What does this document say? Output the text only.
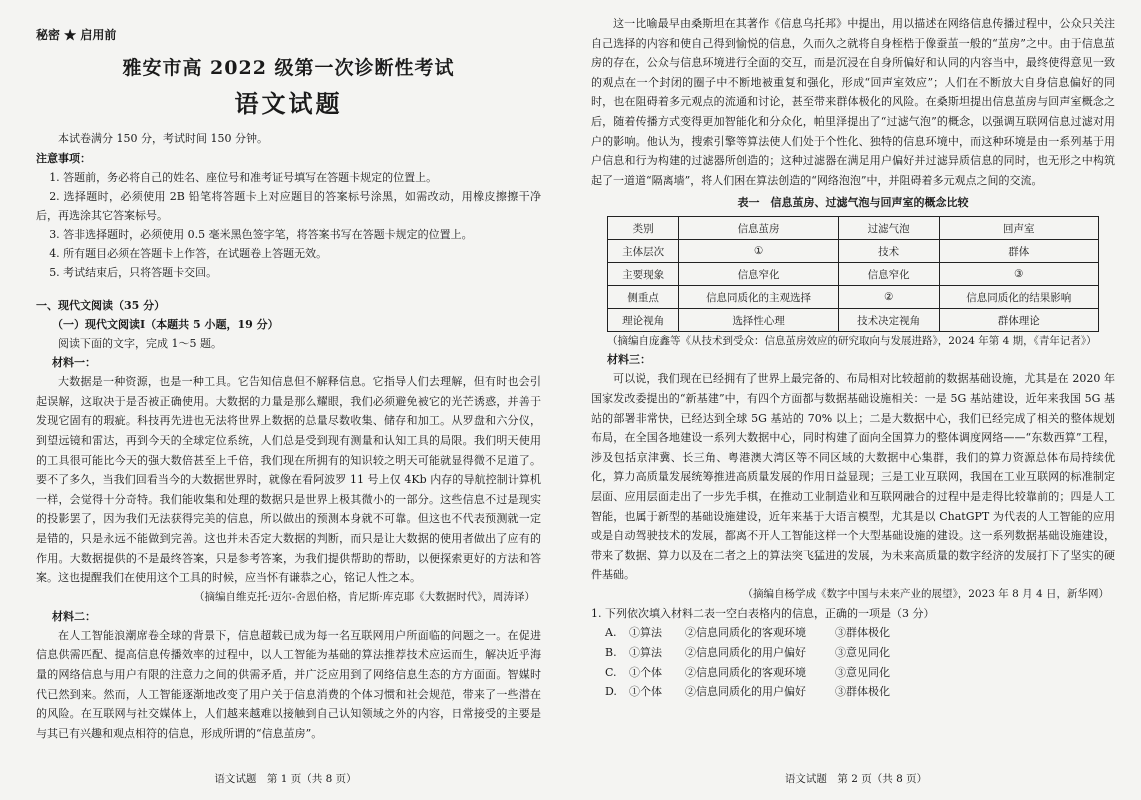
秘密 ★ 启用前
雅安市高 2022 级第一次诊断性考试
语文试题

本试卷满分 150 分，考试时间 150 分钟。

注意事项：

1. 答题前，务必将自己的姓名、座位号和准考证号填写在答题卡规定的位置上。

2. 选择题时，必须使用 2B 铅笔将答题卡上对应题目的答案标号涂黑，如需改动，用橡皮擦擦干净后，再选涂其它答案标号。

3. 答非选择题时，必须使用 0.5 毫米黑色签字笔，将答案书写在答题卡规定的位置上。

4. 所有题目必须在答题卡上作答，在试题卷上答题无效。

5. 考试结束后，只将答题卡交回。

一、现代文阅读（35 分）

（一）现代文阅读Ⅰ（本题共 5 小题，19 分）

阅读下面的文字，完成 1～5 题。

材料一：

大数据是一种资源，也是一种工具。它告知信息但不解释信息。它指导人们去理解，但有时也会引起误解，这取决于是否被正确使用。大数据的力量是那么耀眼，我们必须避免被它的光芒诱惑，并善于发现它固有的瑕疵。科技再先进也无法将世界上数据的总量尽数收集、储存和加工。从罗盘和六分仪，到望远镜和雷达，再到今天的全球定位系统，人们总是受到现有测量和认知工具的局限。我们明天使用的工具很可能比今天的强大数倍甚至上千倍，我们现在所拥有的知识较之明天可能就显得微不足道了。要不了多久，当我们回看当今的大数据世界时，就像在看阿波罗 11 号上仅 4Kb 内存的导航控制计算机一样，会觉得十分奇特。我们能收集和处理的数据只是世界上极其微小的一部分。这些信息不过是现实的投影罢了，因为我们无法获得完美的信息，所以做出的预测本身就不可靠。但这也不代表预测就一定是错的，只是永远不能做到完善。这也并未否定大数据的判断，而只是让大数据的使用者做出了应有的作用。大数据提供的不是最终答案，只是参考答案，为我们提供帮助的帮助，以便探索更好的方法和答案。这也提醒我们在使用这个工具的时候，应当怀有谦恭之心，铭记人性之本。

（摘编自维克托·迈尔-舍恩伯格，肯尼斯·库克耶《大数据时代》，周涛译）

材料二：

在人工智能浪潮席卷全球的背景下，信息超载已成为每一名互联网用户所面临的问题之一。在促进信息供需匹配、提高信息传播效率的过程中，以人工智能为基础的算法推荐技术应运而生，解决近乎海量的网络信息与用户有限的注意力之间的供需矛盾，并广泛应用到了网络信息生态的方方面面。智媒时代已然到来。然而，人工智能逐渐地改变了用户关于信息消费的个体习惯和社会规范，带来了一些潜在的风险。在互联网与社交媒体上，人们越来越难以接触到自己认知领域之外的内容，日常接受的主要是与其已有兴趣和观点相符的信息，形成所谓的“信息茧房”。

语文试题　第 1 页（共 8 页）

这一比喻最早由桑斯坦在其著作《信息乌托邦》中提出，用以描述在网络信息传播过程中，公众只关注自己选择的内容和使自己得到愉悦的信息，久而久之就将自身桎梏于像蚕茧一般的“茧房”之中。由于信息茧房的存在，公众与信息环境进行全面的交互，而是沉浸在自身所偏好和认同的内容当中，最终使得意见一致的观点在一个封闭的圈子中不断地被重复和强化，形成“回声室效应”；人们在不断放大自身信息偏好的同时，也在阻碍着多元观点的流通和讨论，甚至带来群体极化的风险。在桑斯坦提出信息茧房与回声室概念之后，随着传播方式变得更加智能化和分众化，帕里泽提出了“过滤气泡”的概念，以强调互联网信息过滤对用户的影响。他认为，搜索引擎等算法使人们处于个性化、独特的信息环境中，而这种环境是由一系列基于用户信息和行为构建的过滤器所创造的；这种过滤器在满足用户偏好并过滤异质信息的同时，也无形之中构筑起了一道道“隔离墙”，将人们困在算法创造的“网络泡泡”中，并阻碍着多元观点之间的交流。

表一　信息茧房、过滤气泡与回声室的概念比较
类别	信息茧房	过滤气泡	回声室
主体层次	①	技术	群体
主要现象	信息窄化	信息窄化	③
侧重点	信息同质化的主观选择	②	信息同质化的结果影响
理论视角	选择性心理	技术决定视角	群体理论

（摘编自庞鑫等《从技术到受众：信息茧房效应的研究取向与发展进路》，2024 年第 4 期，《青年记者》）

材料三：

可以说，我们现在已经拥有了世界上最完备的、布局相对比较超前的数据基础设施，尤其是在 2020 年国家发改委提出的“新基建”中，有四个方面都与数据基础设施相关：一是 5G 基站建设，近年来我国 5G 基站的部署非常快，已经达到全球 5G 基站的 70% 以上；二是大数据中心，我们已经完成了相关的整体规划布局，在全国各地建设一系列大数据中心，同时构建了面向全国算力的整体调度网络——“东数西算”工程，涉及包括京津冀、长三角、粤港澳大湾区等不同区域的大数据中心集群，我们的算力资源总体布局持续优化，算力高质量发展统筹推进高质量发展的作用日益显现；三是工业互联网，我国在工业互联网的标准制定层面、应用层面走出了一步先手棋，在推动工业制造业和互联网融合的过程中是走得比较靠前的；四是人工智能，也属于新型的基础设施建设，近年来基于大语言模型，尤其是以 ChatGPT 为代表的人工智能的应用或是自动驾驶技术的发展，都离不开人工智能这样一个大型基础设施的建设。这一系列数据基础设施建设，带来了数据、算力以及在二者之上的算法突飞猛进的发展，为未来高质量的数字经济的发展打下了坚实的硬件基础。

（摘编自杨学成《数字中国与未来产业的展望》，2023 年 8 月 4 日，新华网）

1. 下列依次填入材料二表一空白表格内的信息，正确的一项是（3 分）

A.	①算法	②信息同质化的客观环境	③群体极化
B.	①算法	②信息同质化的用户偏好	③意见同化
C.	①个体	②信息同质化的客观环境	③意见同化
D.	①个体	②信息同质化的用户偏好	③群体极化
语文试题　第 2 页（共 8 页）
